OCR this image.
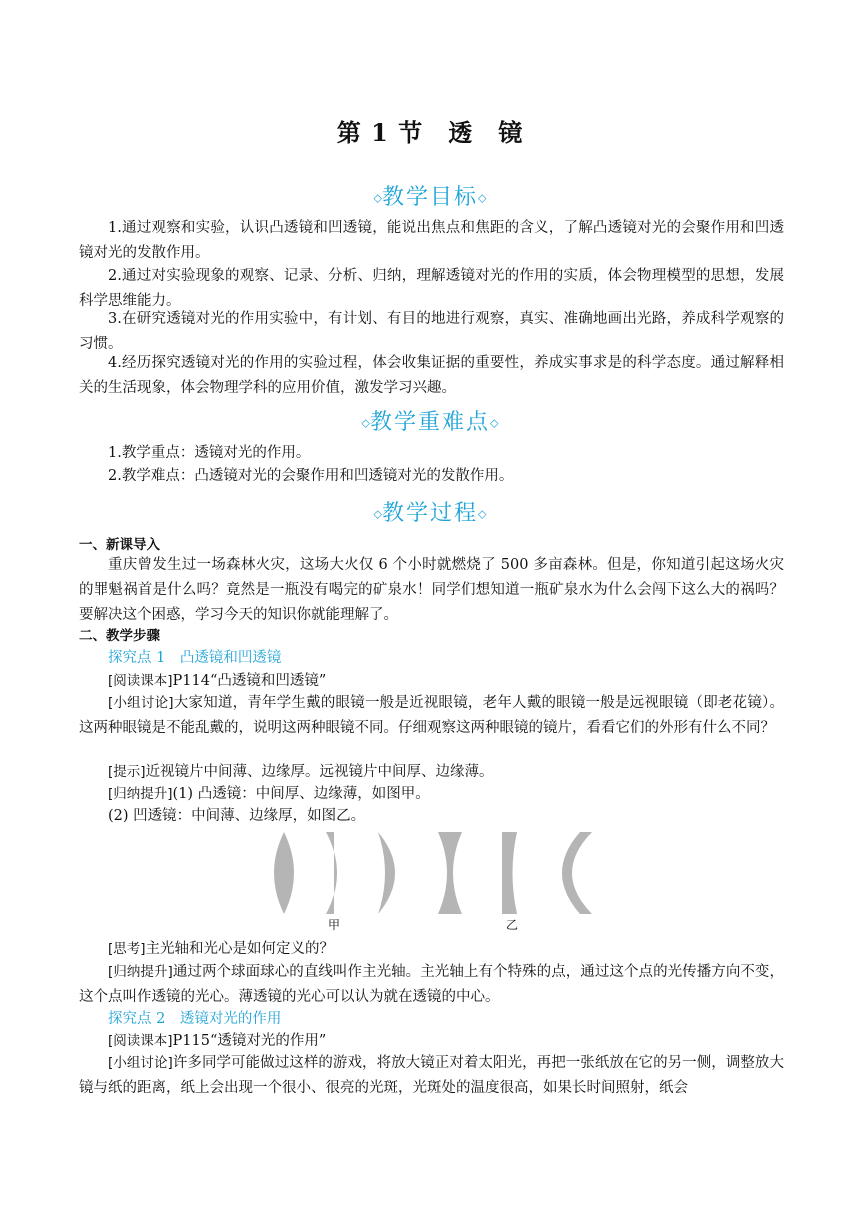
第 1 节　透　镜
◇教学目标◇
1.通过观察和实验，认识凸透镜和凹透镜，能说出焦点和焦距的含义，了解凸透镜对光的会聚作用和凹透镜对光的发散作用。
2.通过对实验现象的观察、记录、分析、归纳，理解透镜对光的作用的实质，体会物理模型的思想，发展科学思维能力。
3.在研究透镜对光的作用实验中，有计划、有目的地进行观察，真实、准确地画出光路，养成科学观察的习惯。
4.经历探究透镜对光的作用的实验过程，体会收集证据的重要性，养成实事求是的科学态度。通过解释相关的生活现象，体会物理学科的应用价值，激发学习兴趣。
◇教学重难点◇
1.教学重点：透镜对光的作用。
2.教学难点：凸透镜对光的会聚作用和凹透镜对光的发散作用。
◇教学过程◇
一、新课导入
重庆曾发生过一场森林火灾，这场大火仅 6 个小时就燃烧了 500 多亩森林。但是，你知道引起这场火灾的罪魁祸首是什么吗？竟然是一瓶没有喝完的矿泉水！同学们想知道一瓶矿泉水为什么会闯下这么大的祸吗？要解决这个困惑，学习今天的知识你就能理解了。
二、教学步骤
探究点 1　凸透镜和凹透镜
[阅读课本]P114“凸透镜和凹透镜”
[小组讨论]大家知道，青年学生戴的眼镜一般是近视眼镜，老年人戴的眼镜一般是远视眼镜（即老花镜）。这两种眼镜是不能乱戴的，说明这两种眼镜不同。仔细观察这两种眼镜的镜片，看看它们的外形有什么不同？
[提示]近视镜片中间薄、边缘厚。远视镜片中间厚、边缘薄。
[归纳提升](1) 凸透镜：中间厚、边缘薄，如图甲。
(2) 凹透镜：中间薄、边缘厚，如图乙。
甲	乙
[思考]主光轴和光心是如何定义的？
[归纳提升]通过两个球面球心的直线叫作主光轴。主光轴上有个特殊的点，通过这个点的光传播方向不变，这个点叫作透镜的光心。薄透镜的光心可以认为就在透镜的中心。
探究点 2　透镜对光的作用
[阅读课本]P115“透镜对光的作用”
[小组讨论]许多同学可能做过这样的游戏，将放大镜正对着太阳光，再把一张纸放在它的另一侧，调整放大镜与纸的距离，纸上会出现一个很小、很亮的光斑，光斑处的温度很高，如果长时间照射，纸会
